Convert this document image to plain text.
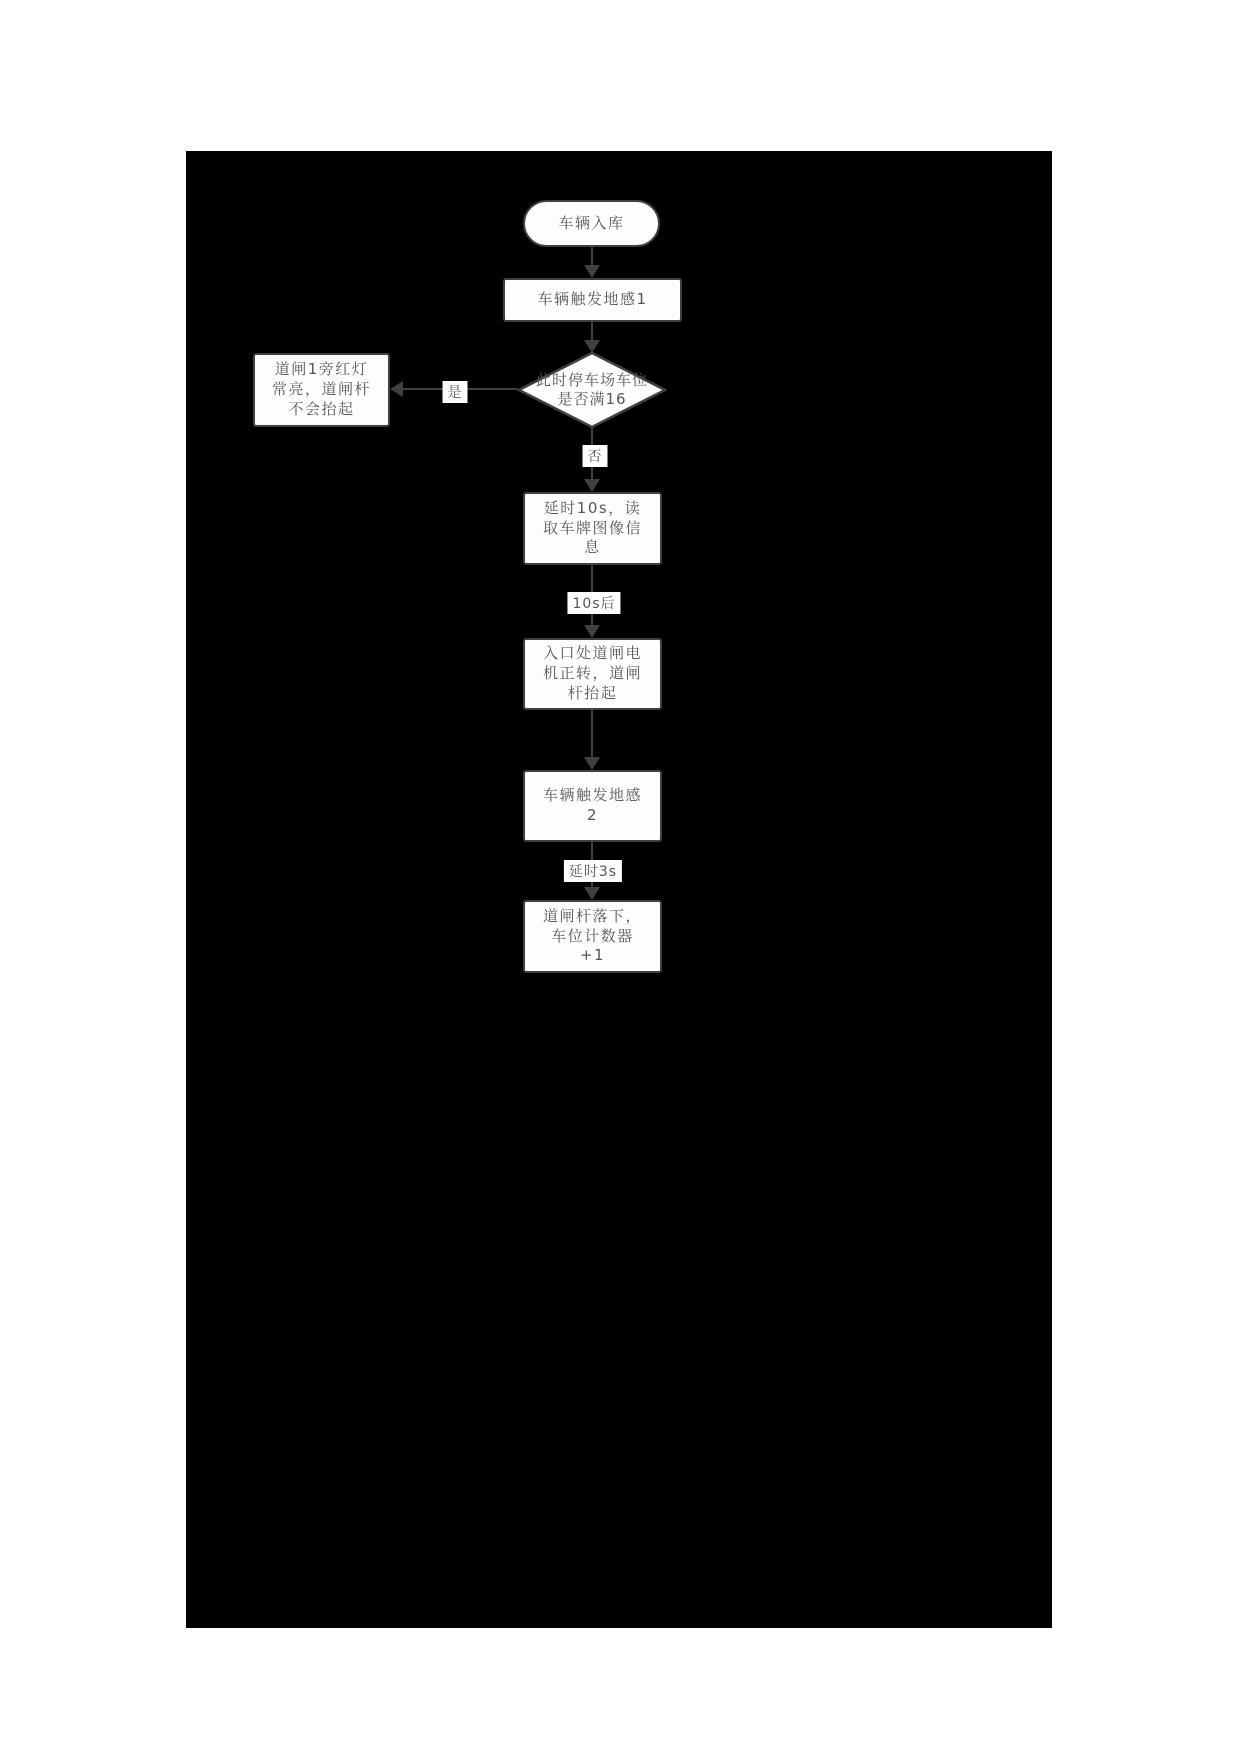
车辆入库
车辆触发地感1
此时停车场车位是否满16
道闸1旁红灯常亮，道闸杆不会抬起
延时10s，读取车牌图像信息
入口处道闸电机正转，道闸杆抬起
车辆触发地感2
道闸杆落下，车位计数器+1
是
否
10s后
延时3s
